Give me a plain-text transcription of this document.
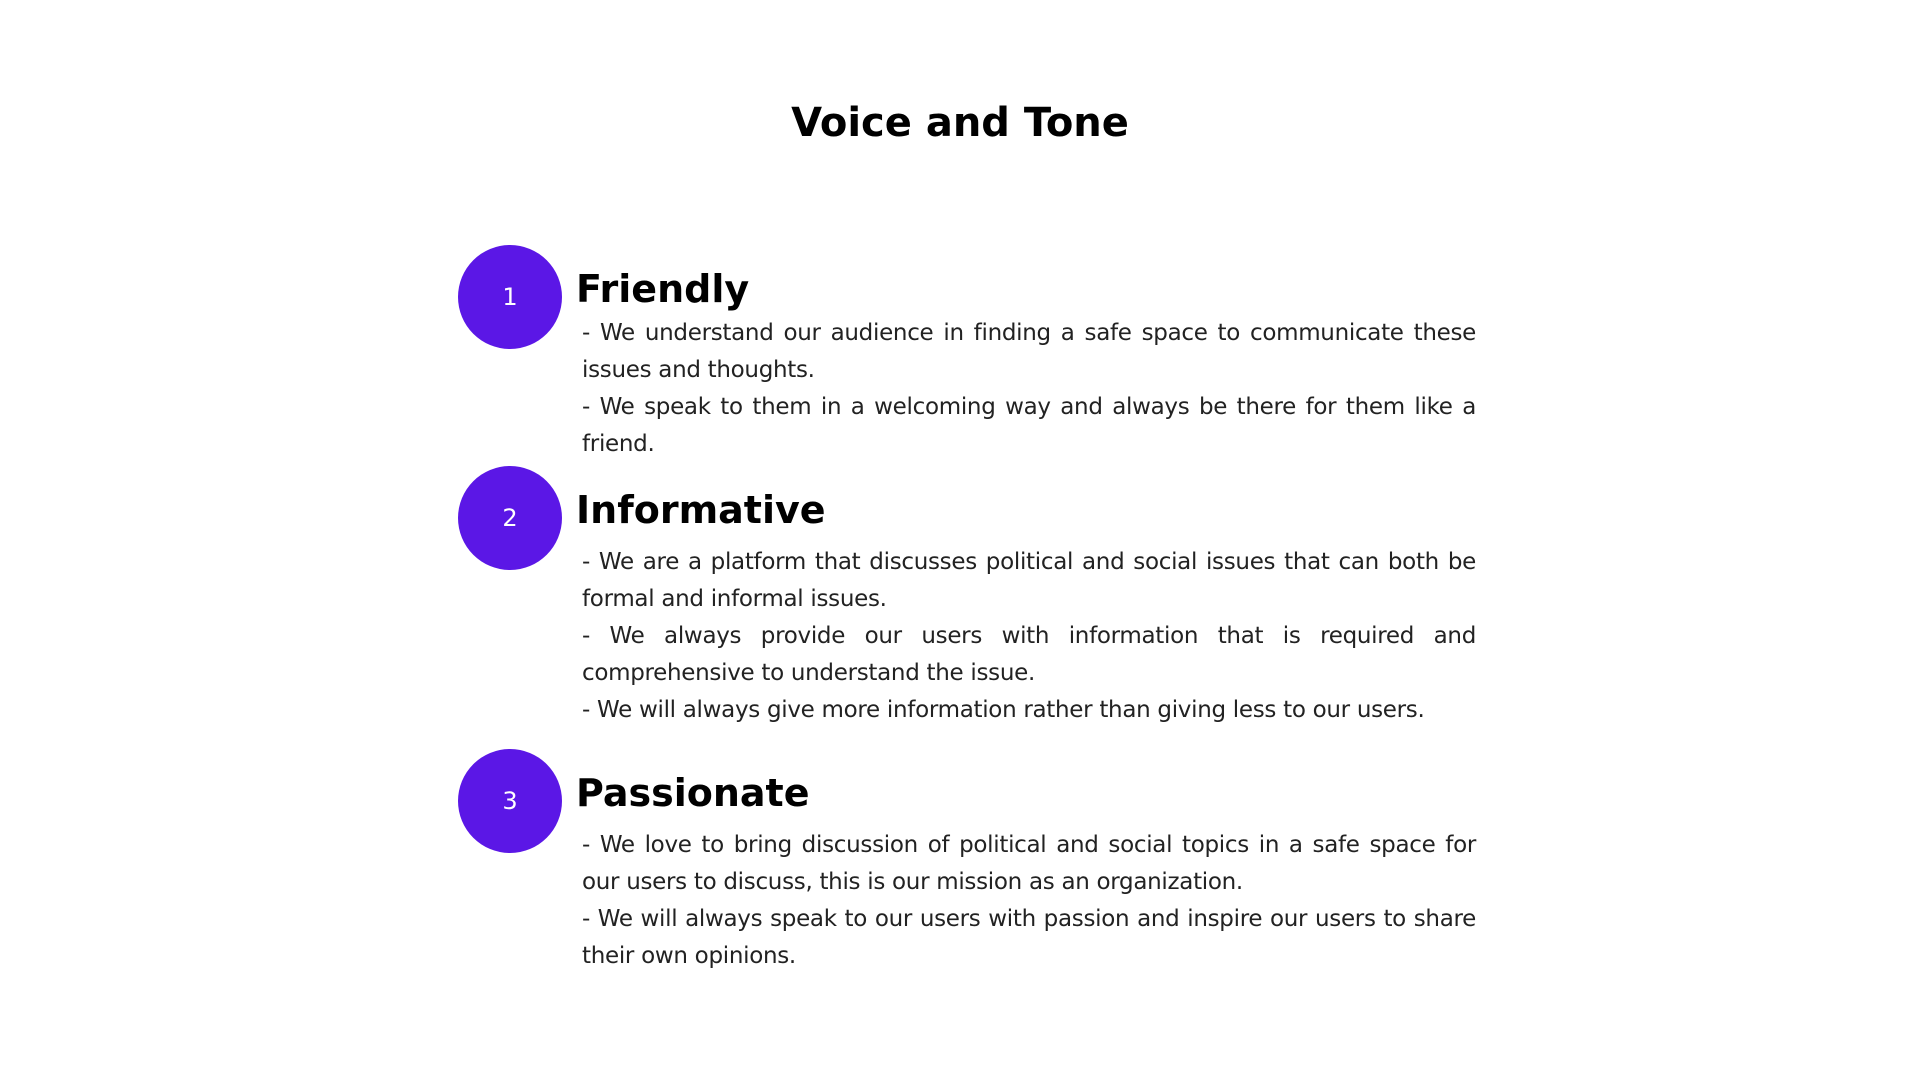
Voice and Tone
1	Friendly

- We understand our audience in finding a safe space to communicate these issues and thoughts.

- We speak to them in a welcoming way and always be there for them like a friend.

2	Informative

- We are a platform that discusses political and social issues that can both be formal and informal issues.

- We always provide our users with information that is required and comprehensive to understand the issue.

- We will always give more information rather than giving less to our users.

3	Passionate

- We love to bring discussion of political and social topics in a safe space for our users to discuss, this is our mission as an organization.

- We will always speak to our users with passion and inspire our users to share their own opinions.
